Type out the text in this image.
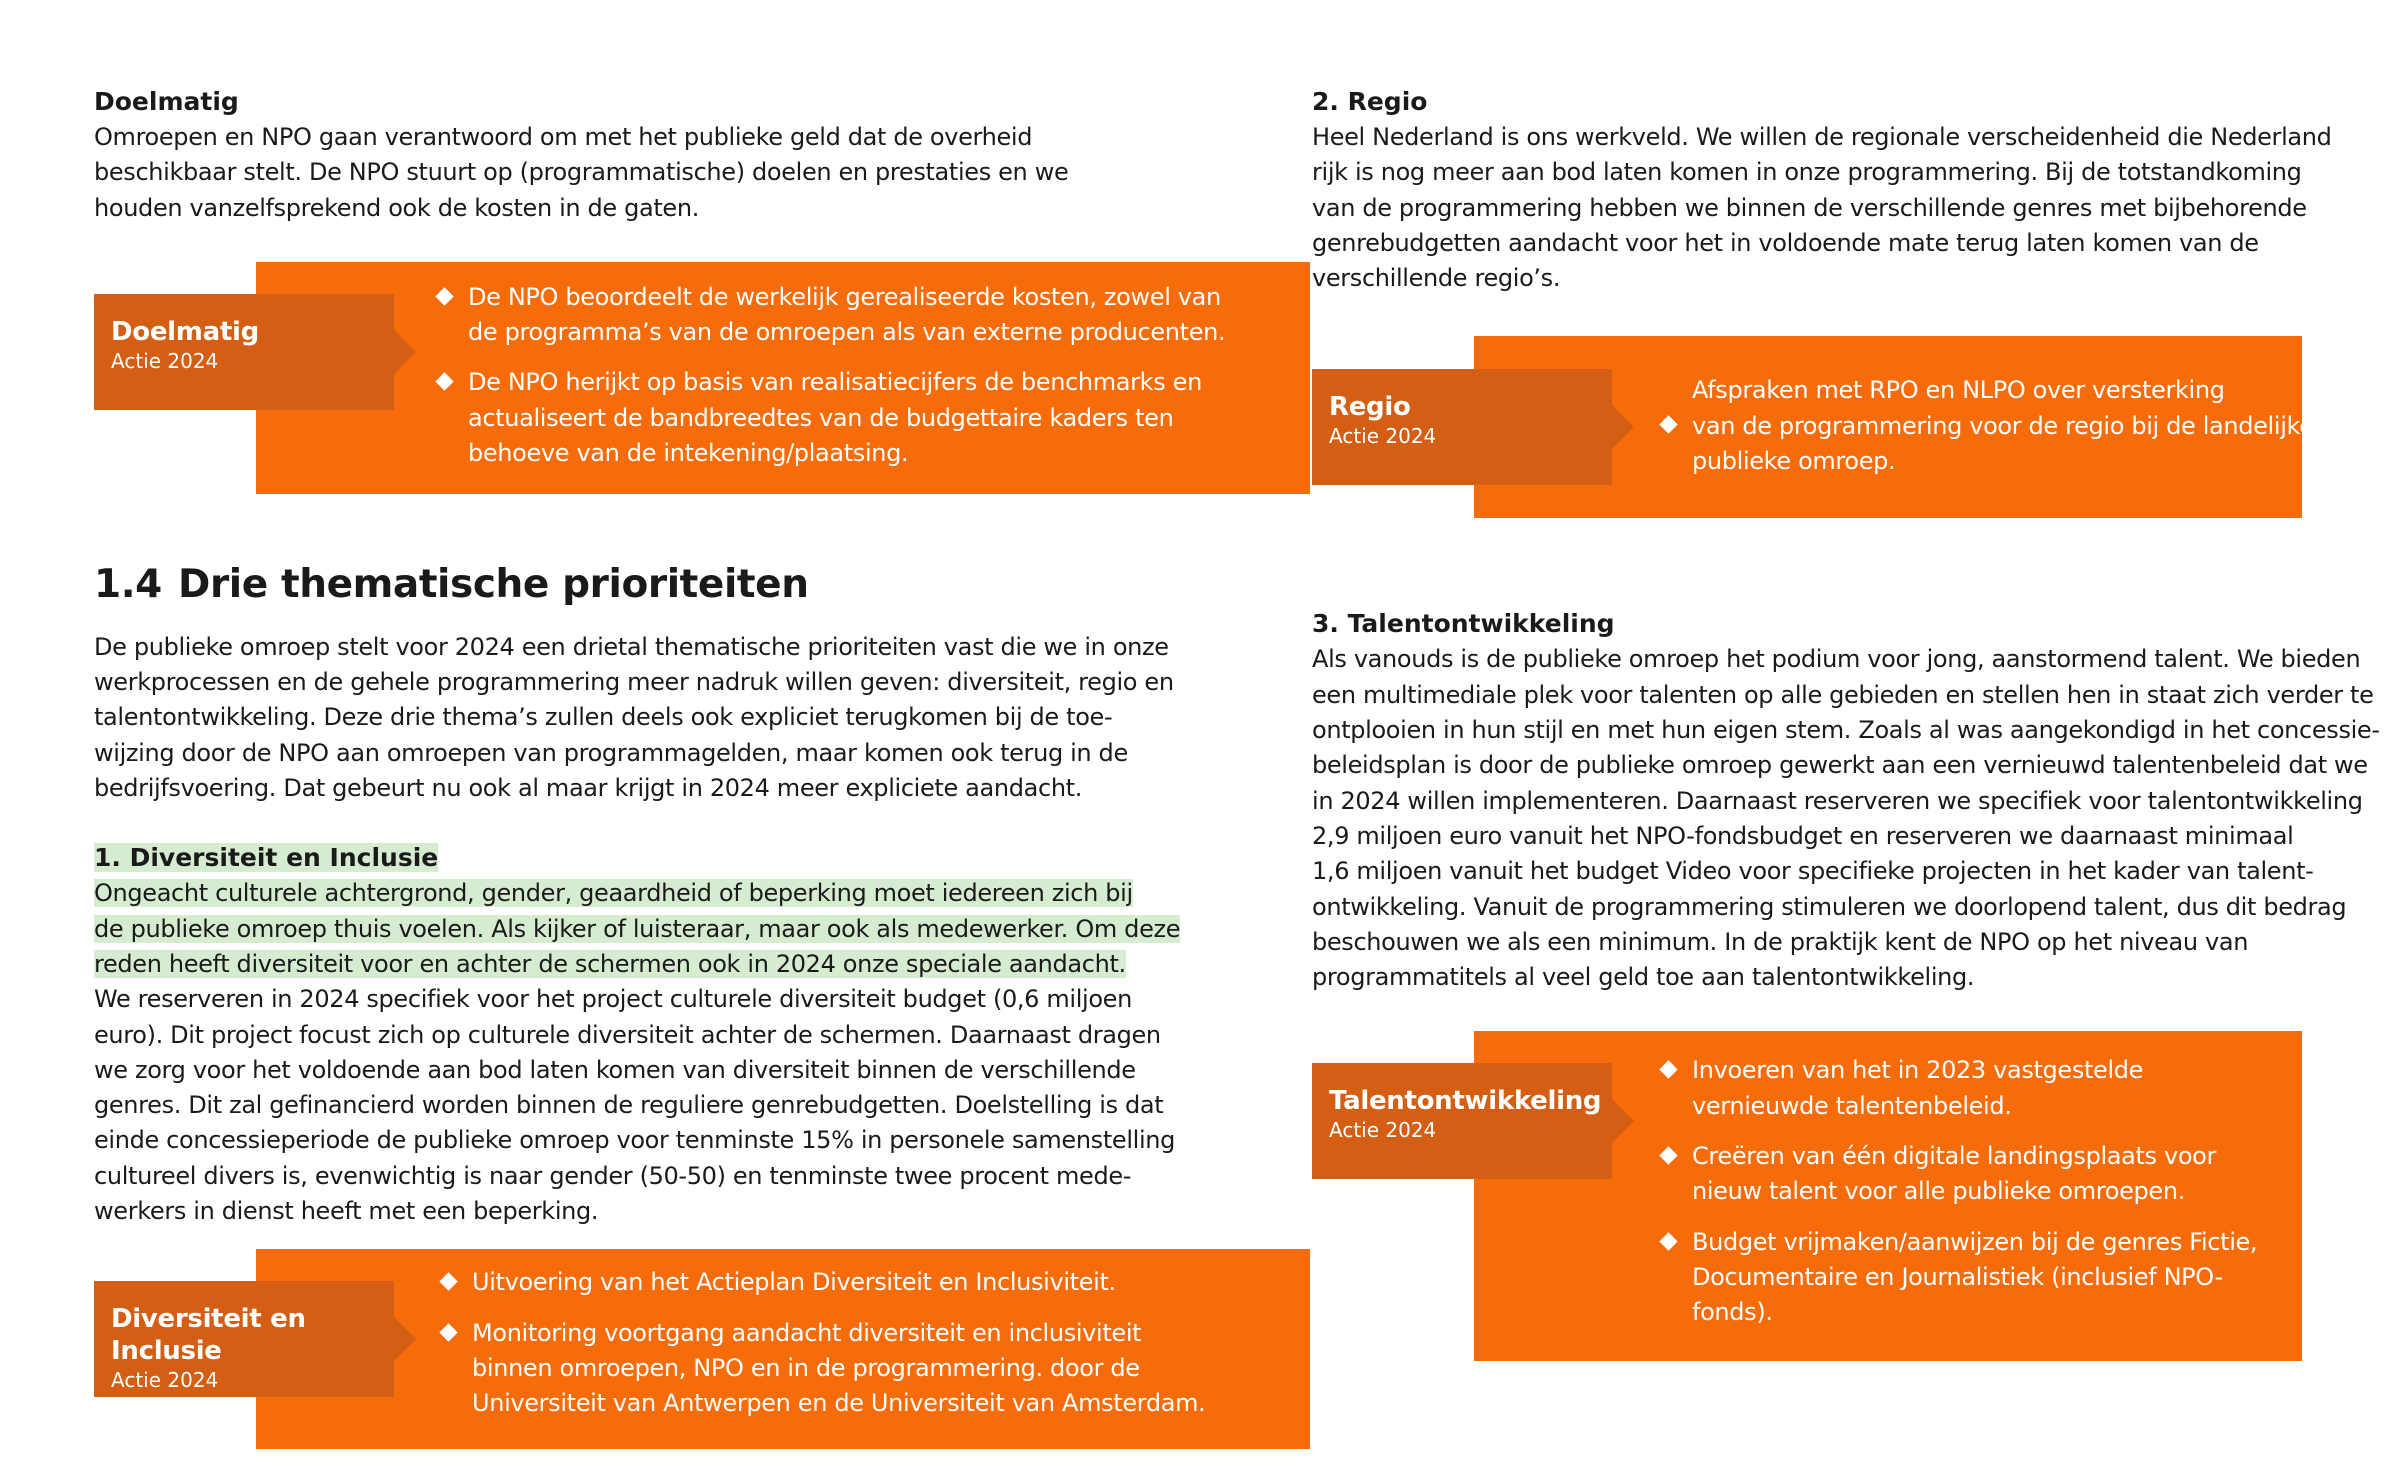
Doelmatig

Omroepen en NPO gaan verantwoord om met het publieke geld dat de overheid
beschikbaar stelt. De NPO stuurt op (programmatische) doelen en prestaties en we
houden vanzelfsprekend ook de kosten in de gaten.

Doelmatig
Actie 2024
De NPO beoordeelt de werkelijk gerealiseerde kosten, zowel van
de programma’s van de omroepen als van externe producenten.
De NPO herijkt op basis van realisatiecijfers de benchmarks en
actualiseert de bandbreedtes van de budgettaire kaders ten
behoeve van de intekening/plaatsing.
1.4 Drie thematische prioriteiten

De publieke omroep stelt voor 2024 een drietal thematische prioriteiten vast die we in onze
werkprocessen en de gehele programmering meer nadruk willen geven: diversiteit, regio en
talentontwikkeling. Deze drie thema’s zullen deels ook expliciet terugkomen bij de toe-
wijzing door de NPO aan omroepen van programmagelden, maar komen ook terug in de
bedrijfsvoering. Dat gebeurt nu ook al maar krijgt in 2024 meer expliciete aandacht.

1. Diversiteit en Inclusie

Ongeacht culturele achtergrond, gender, geaardheid of beperking moet iedereen zich bij
de publieke omroep thuis voelen. Als kijker of luisteraar, maar ook als medewerker. Om deze
reden heeft diversiteit voor en achter de schermen ook in 2024 onze speciale aandacht.
We reserveren in 2024 specifiek voor het project culturele diversiteit budget (0,6 miljoen
euro). Dit project focust zich op culturele diversiteit achter de schermen. Daarnaast dragen
we zorg voor het voldoende aan bod laten komen van diversiteit binnen de verschillende
genres. Dit zal gefinancierd worden binnen de reguliere genrebudgetten. Doelstelling is dat
einde concessieperiode de publieke omroep voor tenminste 15% in personele samenstelling
cultureel divers is, evenwichtig is naar gender (50-50) en tenminste twee procent mede-
werkers in dienst heeft met een beperking.

Diversiteit en Inclusie
Actie 2024
Uitvoering van het Actieplan Diversiteit en Inclusiviteit.
Monitoring voortgang aandacht diversiteit en inclusiviteit
binnen omroepen, NPO en in de programmering. door de
Universiteit van Antwerpen en de Universiteit van Amsterdam.

2. Regio

Heel Nederland is ons werkveld. We willen de regionale verscheidenheid die Nederland
rijk is nog meer aan bod laten komen in onze programmering. Bij de totstandkoming
van de programmering hebben we binnen de verschillende genres met bijbehorende
genrebudgetten aandacht voor het in voldoende mate terug laten komen van de
verschillende regio’s.

Regio
Actie 2024
Afspraken met RPO en NLPO over versterking
van de programmering voor de regio bij de landelijke
publieke omroep.

3. Talentontwikkeling

Als vanouds is de publieke omroep het podium voor jong, aanstormend talent. We bieden
een multimediale plek voor talenten op alle gebieden en stellen hen in staat zich verder te
ontplooien in hun stijl en met hun eigen stem. Zoals al was aangekondigd in het concessie-
beleidsplan is door de publieke omroep gewerkt aan een vernieuwd talentenbeleid dat we
in 2024 willen implementeren. Daarnaast reserveren we specifiek voor talentontwikkeling
2,9 miljoen euro vanuit het NPO-fondsbudget en reserveren we daarnaast minimaal
1,6 miljoen vanuit het budget Video voor specifieke projecten in het kader van talent-
ontwikkeling. Vanuit de programmering stimuleren we doorlopend talent, dus dit bedrag
beschouwen we als een minimum. In de praktijk kent de NPO op het niveau van
programmatitels al veel geld toe aan talentontwikkeling.

Talentontwikkeling
Actie 2024
Invoeren van het in 2023 vastgestelde
vernieuwde talentenbeleid.
Creëren van één digitale landingsplaats voor
nieuw talent voor alle publieke omroepen.
Budget vrijmaken/aanwijzen bij de genres Fictie,
Documentaire en Journalistiek (inclusief NPO-
fonds).
